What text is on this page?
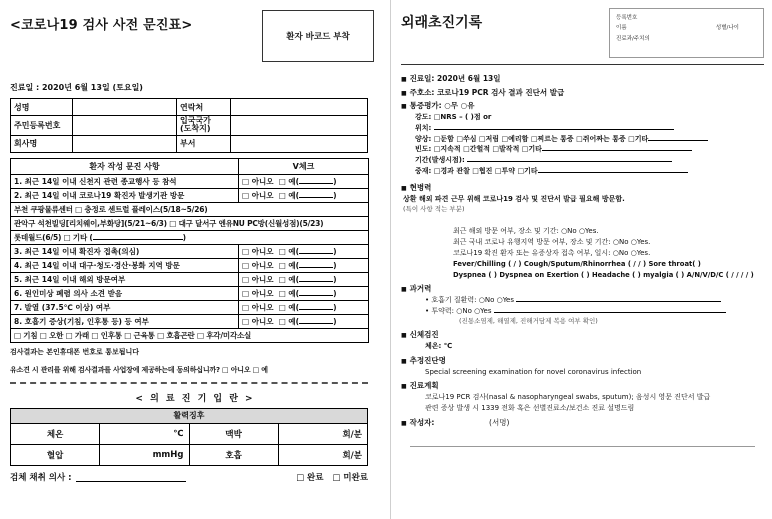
<코로나19 검사 사전 문진표>
환자 바코드 부착
진료일 : 2020년 6월 13일 (토요일)
성명		연락처	
주민등록번호		입국국가
(도착지)	
회사명		부서	
환자 작성 문진 사항	V체크
1. 최근 14일 이내 신천지 관련 종교행사 등 참석	□ 아니오 □ 예( )
2. 최근 14일 이내 코로나19 확진자 발생기관 방문	□ 아니오 □ 예( )
부천 쿠팡물류센터 □ 충정로 센트럴 플레이스(5/18~5/26)	
관악구 석천빌딩[리치웨이,부화당](5/21~6/3) □ 대구 달서구 엔유NU PC방(신월성점)(5/23)	
롯데월드(6/5) □ 기타 ( )	
3. 최근 14일 이내 확진자 접촉(의심)	□ 아니오 □ 예( )
4. 최근 14일 이내 대구·청도·경산·봉화 지역 방문	□ 아니오 □ 예( )
5. 최근 14일 이내 해외 방문여부	□ 아니오 □ 예( )
6. 원인미상 폐렴 의사 소견 받음	□ 아니오 □ 예( )
7. 발열 (37.5℃ 이상) 여부	□ 아니오 □ 예( )
8. 호흡기 증상(기침, 인후통 등) 등 여부	□ 아니오 □ 예( )
□ 기침 □ 오한 □ 가래 □ 인후통 □ 근육통 □ 호흡곤란 □ 후각/미각소실	
검사결과는 본인휴대폰 번호로 통보됩니다
유소견 시 관리를 위해 검사결과를 사업장에 제공하는데 동의하십니까? □ 아니오 □ 예
< 의 료 진 기 입 란 >
활력징후			
체온	℃	맥박	회/분
혈압	mmHg	호흡	회/분
검체 채취 의사 :	□ 완료 □ 미완료
외래초진기록	등록번호
이름	성별/나이
진료과/주치의
■ 진료일: 2020년 6월 13일
■ 주호소: 코로나19 PCR 검사 결과 진단서 발급
■ 통증평가: ○무 ○유
강도: □NRS – ( )점 or
위치:
양상: □둔함 □쑤심 □저림 □예리함 □찌르는 통증 □쥐어짜는 통증 □기타
빈도: □지속적 □간헐적 □발작적 □기타
기간(발생시점):
중재: □경과 관찰 □협진 □투약 □기타
■ 현병력
상환 해외 파견 근무 위해 코로나19 검사 및 진단서 발급 필요해 방문함.
(특이 사항 적는 부분)
최근 해외 방문 여부, 장소 및 기간: ○No ○Yes.
최근 국내 코로나 유행지역 방문 여부, 장소 및 기간: ○No ○Yes.
코로나19 확진 환자 또는 유증상자 접촉 여부, 일시: ○No ○Yes.
Fever/Chilling ( / ) Cough/Sputum/Rhinorrhea ( / / ) Sore throat( )
Dyspnea ( ) Dyspnea on Exertion ( ) Headache ( ) myalgia ( ) A/N/V/D/C ( / / / / )
■ 과거력
• 호흡기 질환력: ○No ○Yes
• 투약력: ○No ○Yes
(진통소염제, 해열제, 진해거담제 복용 여부 확인)
■ 신체검진
체온: ℃
■ 추정진단명
Special screening examination for novel coronavirus infection
■ 진료계획
코로나19 PCR 검사(nasal & nasopharyngeal swabs, sputum); 음성시 영문 진단서 발급
관련 증상 발생 시 1339 전화 혹은 선별진료소/보건소 진료 설명드림
■ 작성자:	(서명)
